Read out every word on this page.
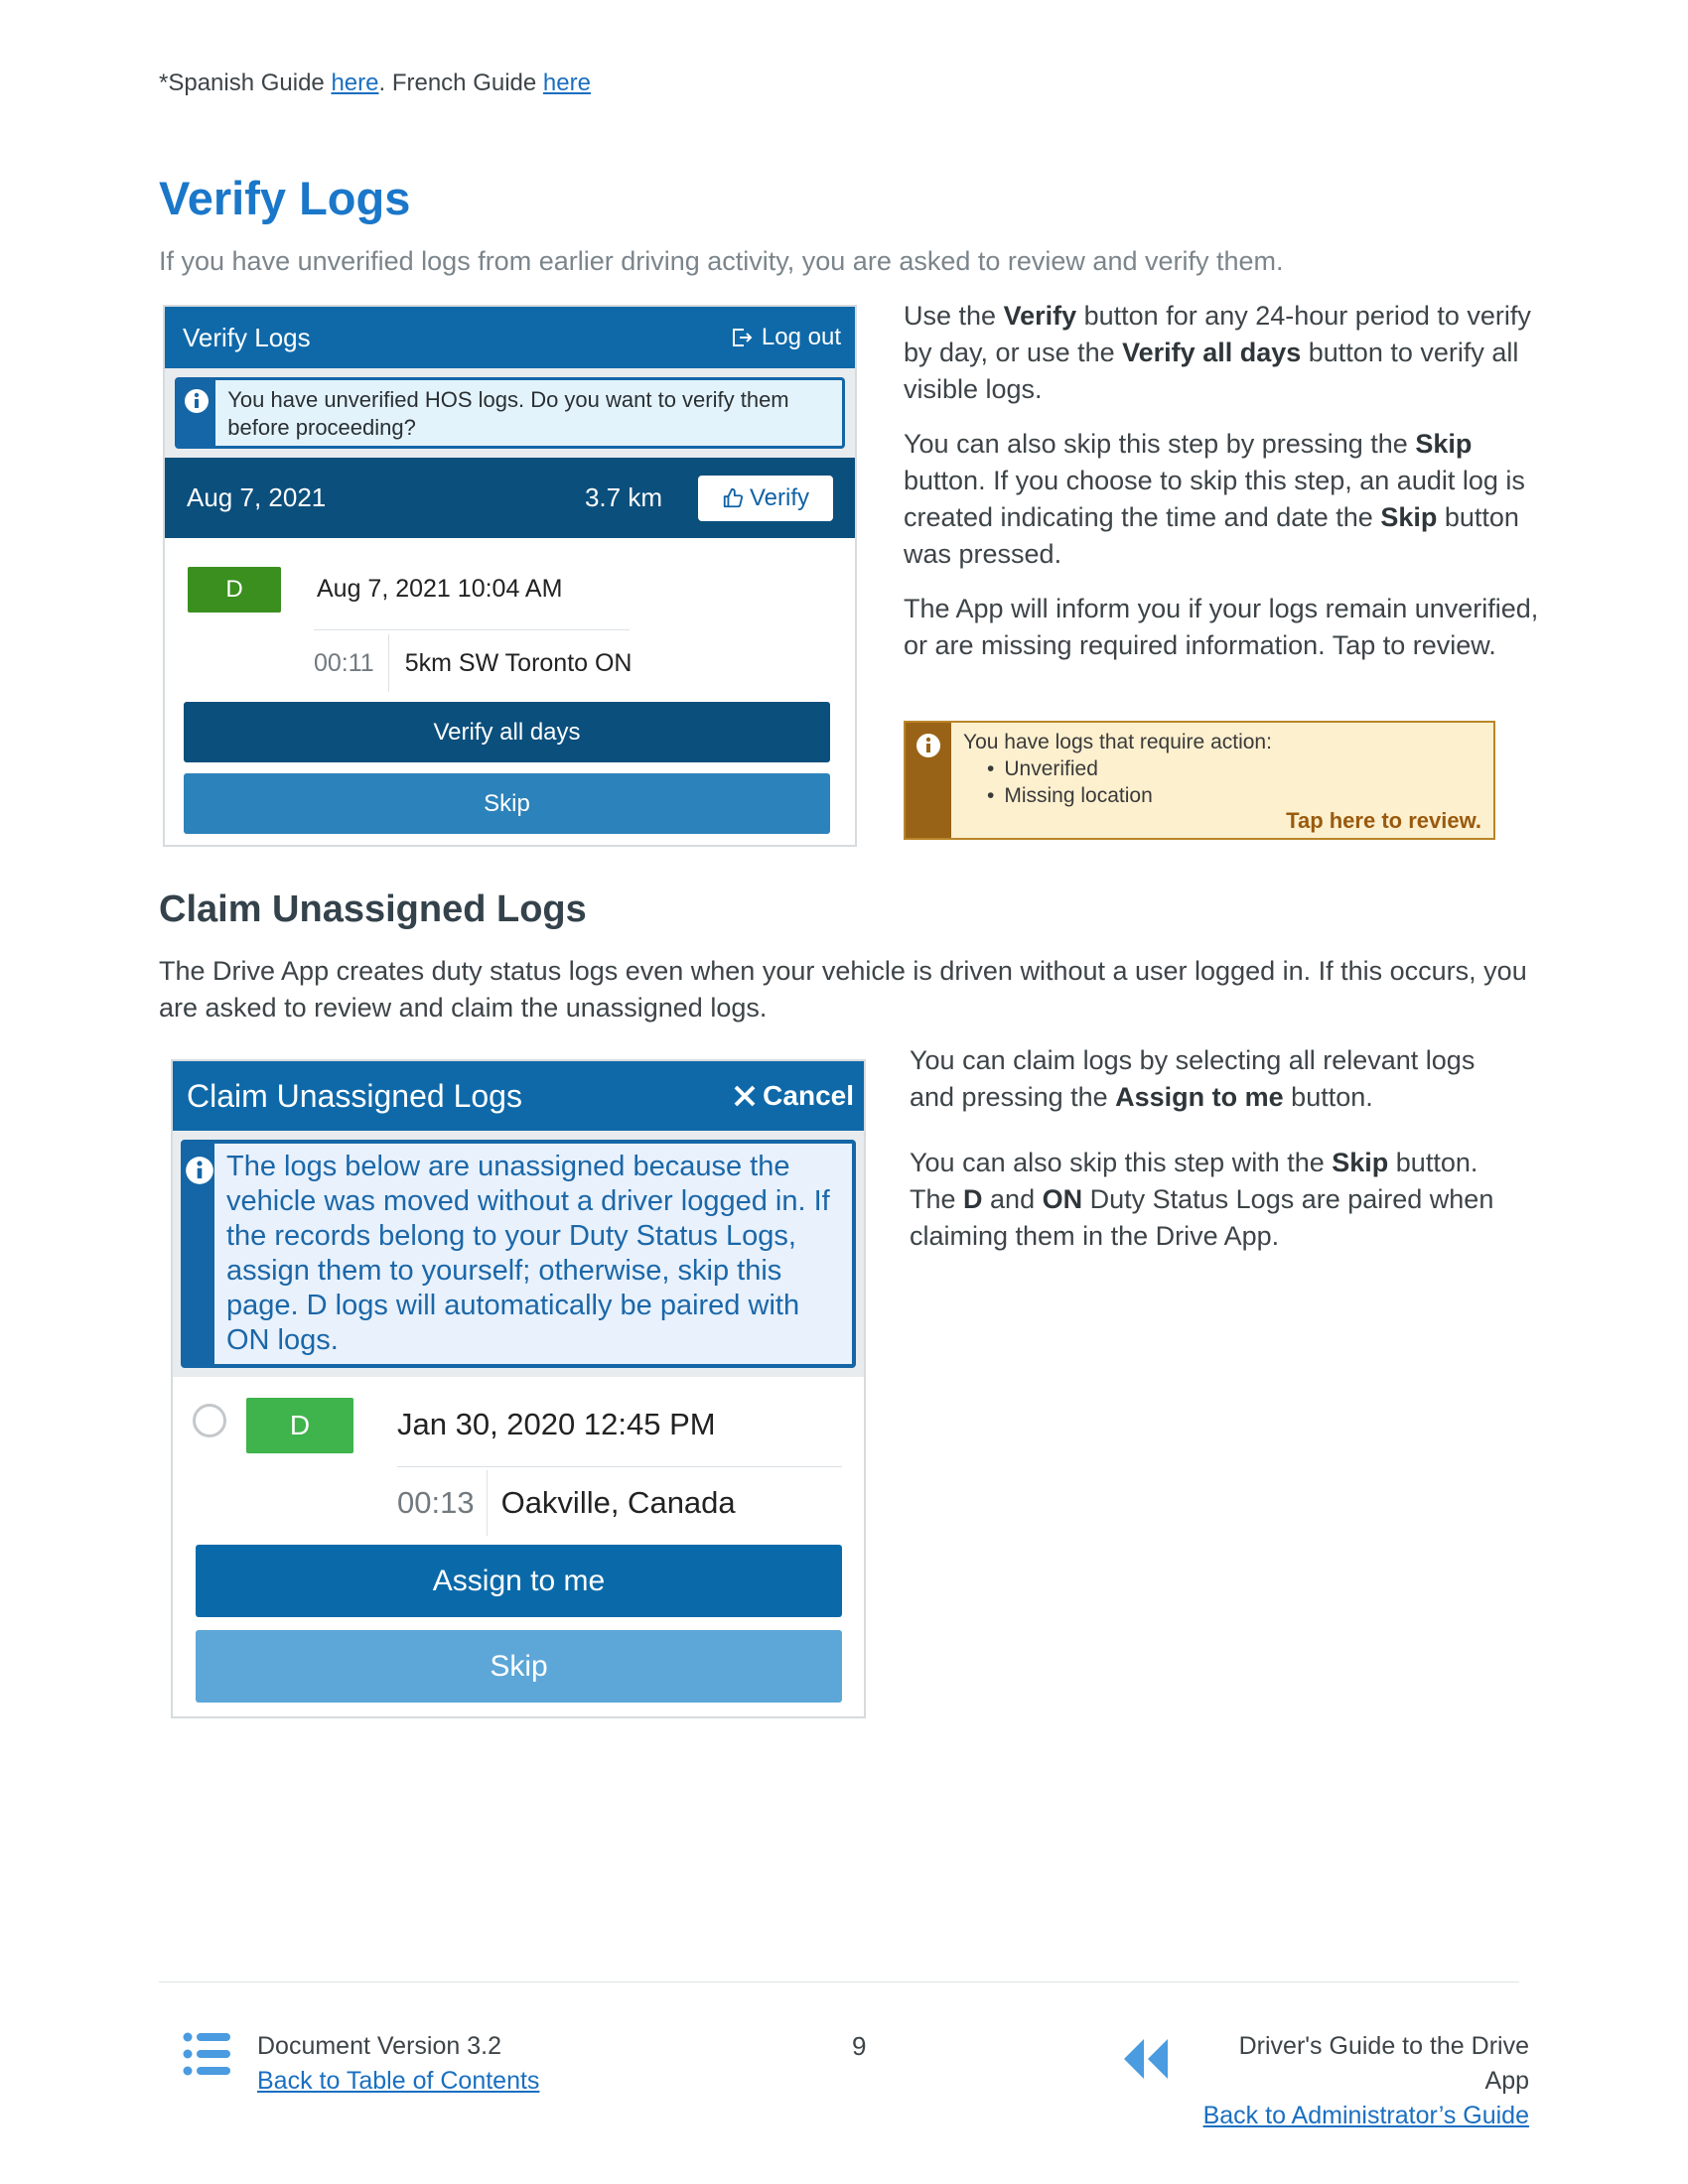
*Spanish Guide here. French Guide here
Verify Logs
If you have unverified logs from earlier driving activity, you are asked to review and verify them.
Verify Logs	Log out
You have unverified HOS logs. Do you want to verify them before proceeding?
Aug 7, 2021	3.7 km	Verify
D	Aug 7, 2021 10:04 AM
00:11	5km SW Toronto ON
Verify all days
Skip
Use the Verify button for any 24-hour period to verify by day, or use the Verify all days button to verify all visible logs.
You can also skip this step by pressing the Skip button. If you choose to skip this step, an audit log is created indicating the time and date the Skip button was pressed.
The App will inform you if your logs remain unverified, or are missing required information. Tap to review.
You have logs that require action:
• Unverified
• Missing location
Tap here to review.
Claim Unassigned Logs
The Drive App creates duty status logs even when your vehicle is driven without a user logged in. If this occurs, you are asked to review and claim the unassigned logs.
Claim Unassigned Logs	Cancel
The logs below are unassigned because the vehicle was moved without a driver logged in. If the records belong to your Duty Status Logs, assign them to yourself; otherwise, skip this page. D logs will automatically be paired with ON logs.
D	Jan 30, 2020 12:45 PM
00:13 Oakville, Canada
Assign to me
Skip
You can claim logs by selecting all relevant logs and pressing the Assign to me button.
You can also skip this step with the Skip button. The D and ON Duty Status Logs are paired when claiming them in the Drive App.
Document Version 3.2
Back to Table of Contents
9	Driver's Guide to the Drive App
Back to Administrator’s Guide
